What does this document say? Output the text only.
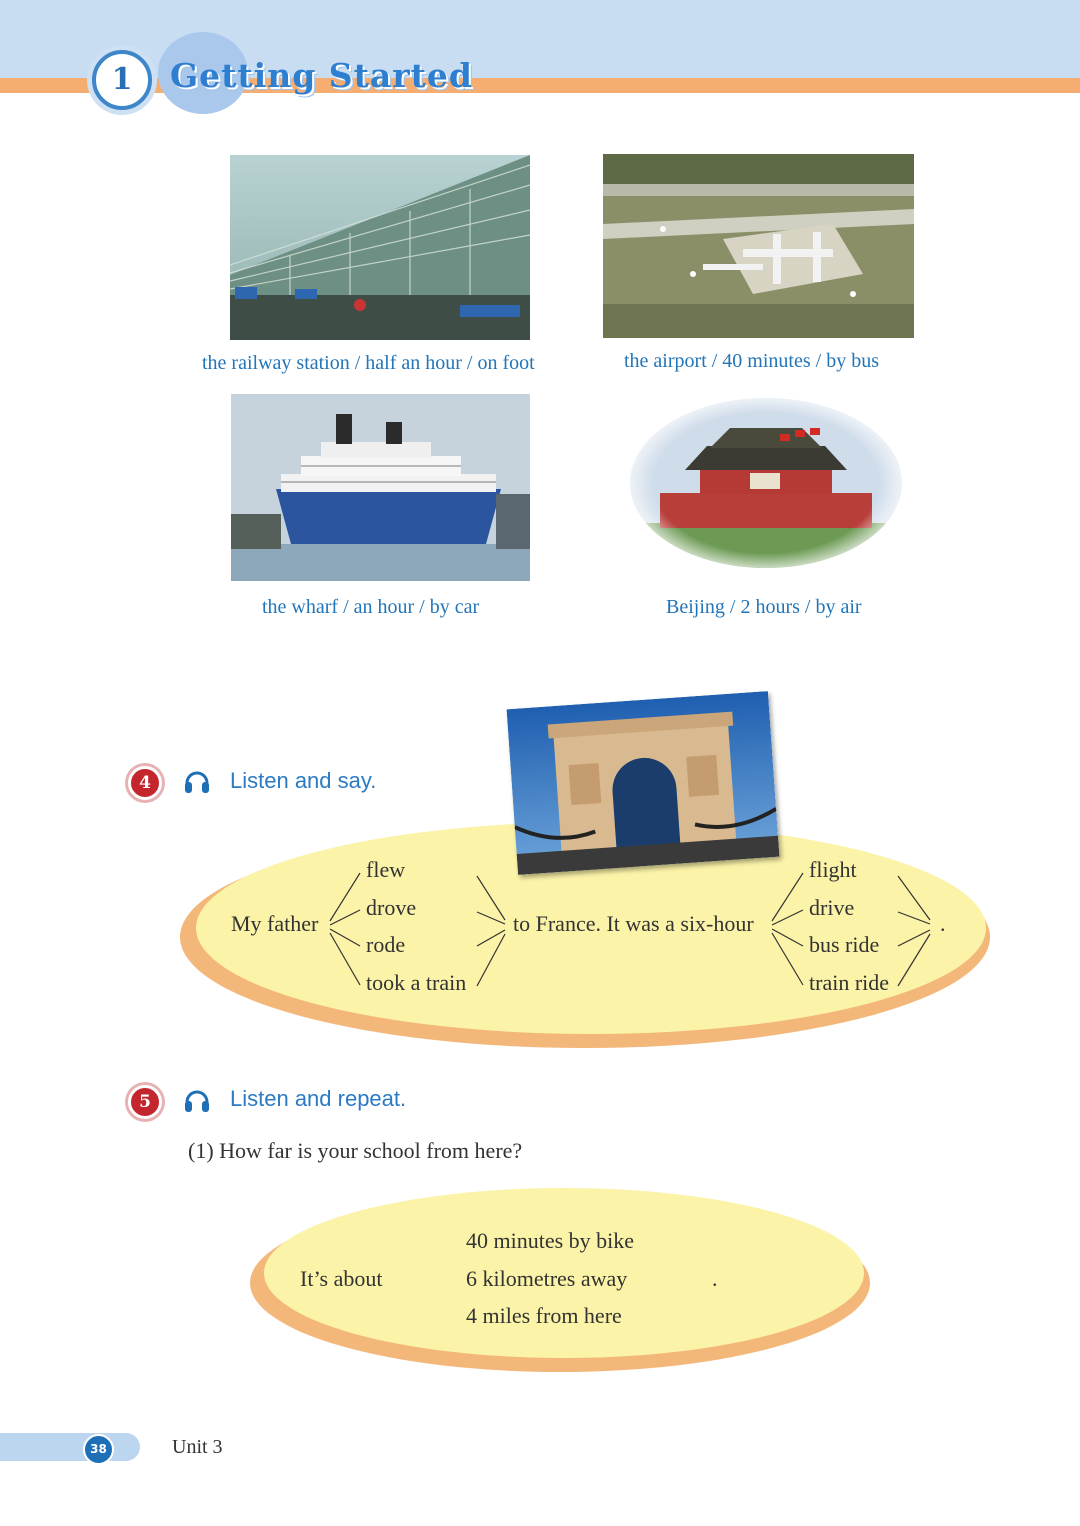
1	Getting Started
the railway station / half an hour / on foot	the airport / 40 minutes / by bus
the wharf / an hour / by car	Beijing / 2 hours / by air
4	Listen and say.
My father
flew
drove
rode
took a train
to France. It was a six-hour
flight
drive
bus ride
train ride
.
5	Listen and repeat.
(1) How far is your school from here?
It’s about
40 minutes by bike
6 kilometres away
4 miles from here
.
38	Unit 3
